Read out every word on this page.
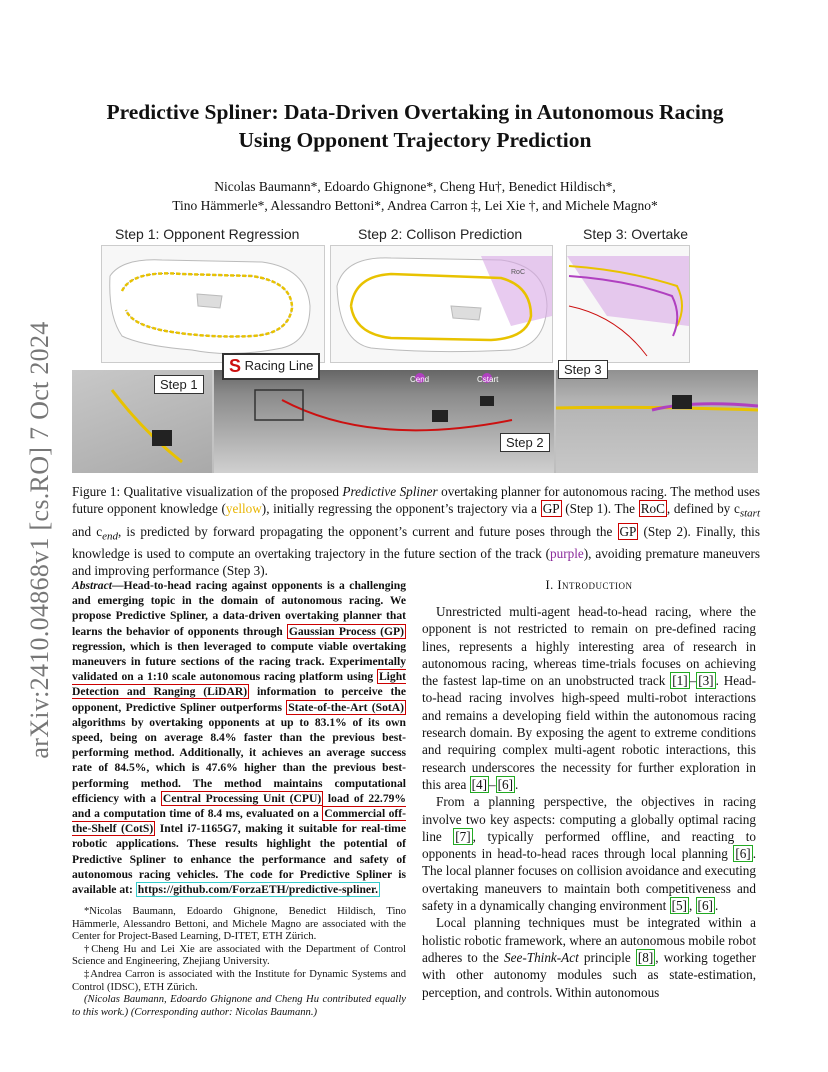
arXiv:2410.04868v1 [cs.RO] 7 Oct 2024
Predictive Spliner: Data-Driven Overtaking in Autonomous Racing
Using Opponent Trajectory Prediction
Nicolas Baumann*, Edoardo Ghignone*, Cheng Hu†, Benedict Hildisch*,
Tino Hämmerle*, Alessandro Bettoni*, Andrea Carron ‡, Lei Xie †, and Michele Magno*
Step 1: Opponent Regression	Step 2: Collison Prediction	Step 3: Overtake
RoC
Cend	Cstart
S Racing Line
Step 1
Step 2
Step 3
Figure 1: Qualitative visualization of the proposed Predictive Spliner overtaking planner for autonomous racing. The method uses future opponent knowledge (yellow), initially regressing the opponent’s trajectory via a GP (Step 1). The RoC , defined by $c_{start}$ and $c_{end}$, is predicted by forward propagating the opponent’s current and future poses through the GP (Step 2). Finally, this knowledge is used to compute an overtaking trajectory in the future section of the track (purple), avoiding premature maneuvers and improving performance (Step 3).
Abstract—Head-to-head racing against opponents is a challenging and emerging topic in the domain of autonomous racing. We propose Predictive Spliner, a data-driven overtaking planner that learns the behavior of opponents through Gaussian Process (GP) regression, which is then leveraged to compute viable overtaking maneuvers in future sections of the racing track. Experimentally validated on a 1:10 scale autonomous racing platform using Light Detection and Ranging (LiDAR) information to perceive the opponent, Predictive Spliner outperforms State-of-the-Art (SotA) algorithms by overtaking opponents at up to 83.1% of its own speed, being on average 8.4% faster than the previous best-performing method. Additionally, it achieves an average success rate of 84.5%, which is 47.6% higher than the previous best-performing method. The method maintains computational efficiency with a Central Processing Unit (CPU) load of 22.79% and a computation time of 8.4 ms, evaluated on a Commercial off-the-Shelf (CotS) Intel i7-1165G7, making it suitable for real-time robotic applications. These results highlight the potential of Predictive Spliner to enhance the performance and safety of autonomous racing vehicles. The code for Predictive Spliner is available at: https://github.com/ForzaETH/predictive-spliner.

*Nicolas Baumann, Edoardo Ghignone, Benedict Hildisch, Tino Hämmerle, Alessandro Bettoni, and Michele Magno are associated with the Center for Project-Based Learning, D-ITET, ETH Zürich.

†Cheng Hu and Lei Xie are associated with the Department of Control Science and Engineering, Zhejiang University.

‡Andrea Carron is associated with the Institute for Dynamic Systems and Control (IDSC), ETH Zürich.

(Nicolas Baumann, Edoardo Ghignone and Cheng Hu contributed equally to this work.) (Corresponding author: Nicolas Baumann.)

I. Introduction

Unrestricted multi-agent head-to-head racing, where the opponent is not restricted to remain on pre-defined racing lines, represents a highly interesting area of research in autonomous racing, whereas time-trials focuses on achieving the fastest lap-time on an unobstructed track [1] – [3] . Head-to-head racing involves high-speed multi-robot interactions and remains a developing field within the autonomous racing research domain. By exposing the agent to extreme conditions and requiring complex multi-agent robotic interactions, this research underscores the necessity for further exploration in this area [4] – [6] .

From a planning perspective, the objectives in racing involve two key aspects: computing a globally optimal racing line [7] , typically performed offline, and reacting to opponents in head-to-head races through local planning [6] . The local planner focuses on collision avoidance and executing overtaking maneuvers to maintain both competitiveness and safety in a dynamically changing environment [5] , [6] .

Local planning techniques must be integrated within a holistic robotic framework, where an autonomous mobile robot adheres to the See-Think-Act principle [8] , working together with other autonomy modules such as state-estimation, perception, and controls. Within autonomous
